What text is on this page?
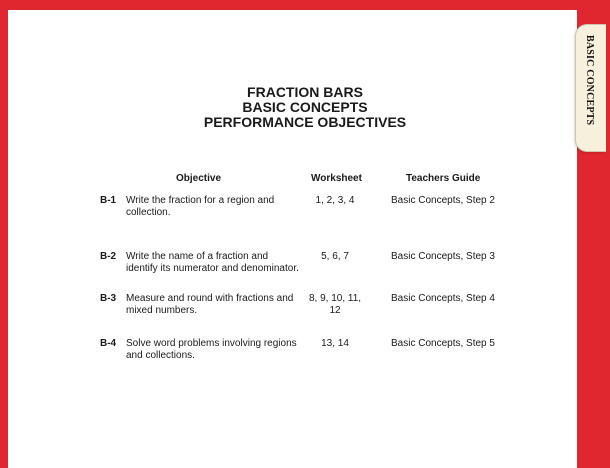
BASIC CONCEPTS
FRACTION BARS
BASIC CONCEPTS
PERFORMANCE OBJECTIVES
Objective	Worksheet	Teachers Guide
B-1 Write the fraction for a region and collection.
1, 2, 3, 4	Basic Concepts, Step 2
B-2 Write the name of a fraction and identify its numerator and denominator.
5, 6, 7	Basic Concepts, Step 3
B-3 Measure and round with fractions and mixed numbers.
8, 9, 10, 11, 12
Basic Concepts, Step 4
B-4 Solve word problems involving regions and collections.
13, 14	Basic Concepts, Step 5
